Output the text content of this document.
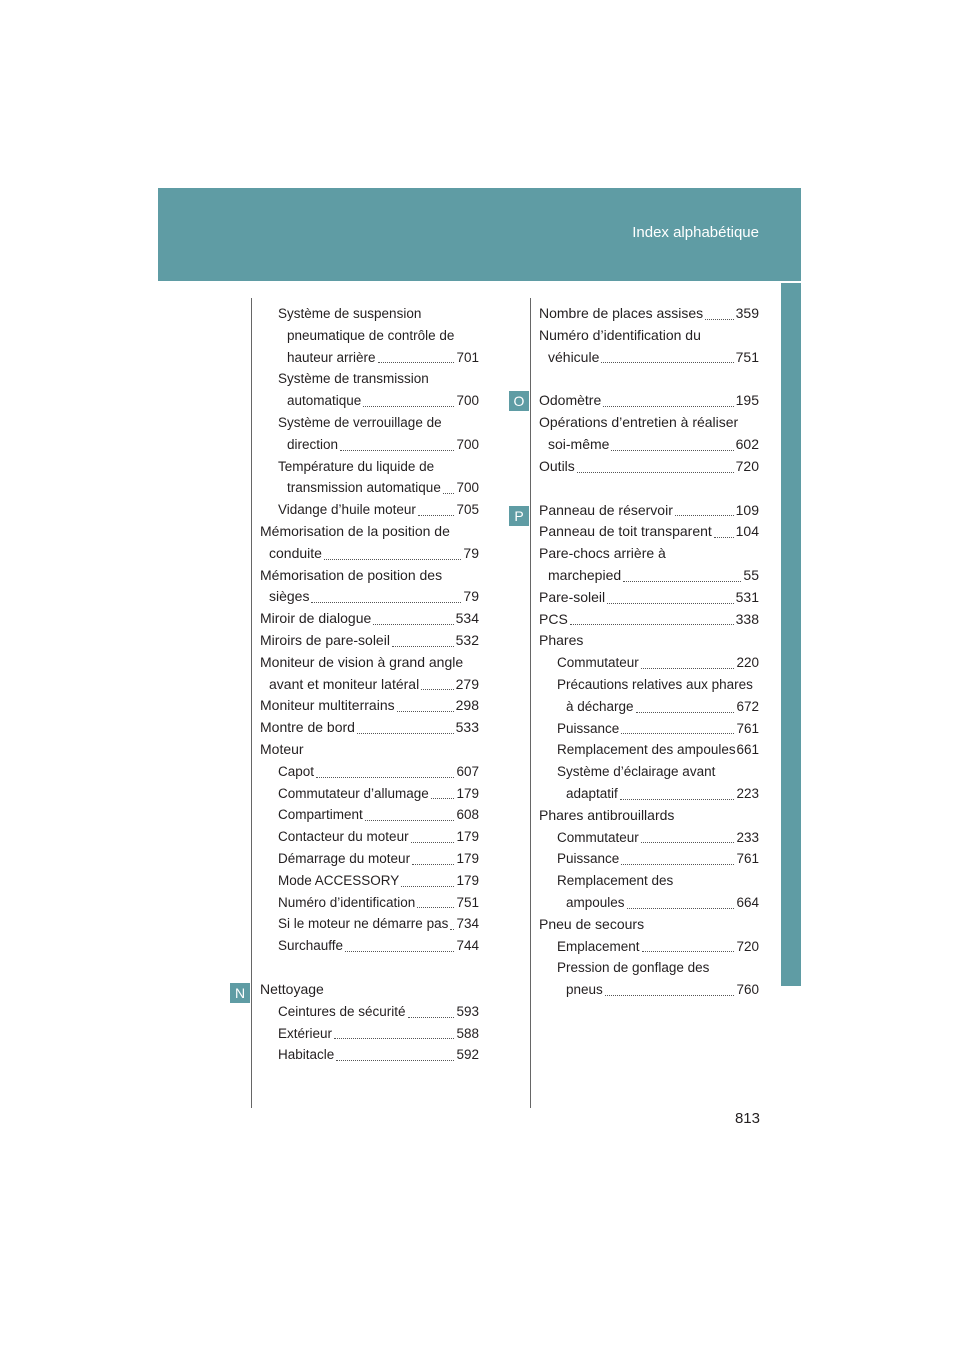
Index alphabétique
N
O
P
Système de suspension
pneumatique de contrôle de
hauteur arrière	701
Système de transmission
automatique	700
Système de verrouillage de
direction	700
Température du liquide de
transmission automatique 700
Vidange d’huile moteur	705
Mémorisation de la position de
conduite	79
Mémorisation de position des
sièges	79
Miroir de dialogue	534
Miroirs de pare-soleil	532
Moniteur de vision à grand angle
avant et moniteur latéral	279
Moniteur multiterrains	298
Montre de bord	533
Moteur
Capot	607
Commutateur d’allumage 179
Compartiment	608
Contacteur du moteur	179
Démarrage du moteur	179
Mode ACCESSORY	179
Numéro d’identification	751
Si le moteur ne démarre pas 734
Surchauffe	744
Nettoyage
Ceintures de sécurité	593
Extérieur	588
Habitacle	592
Nombre de places assises 359
Numéro d’identification du
véhicule	751
Odomètre	195
Opérations d’entretien à réaliser
soi-même	602
Outils	720
Panneau de réservoir	109
Panneau de toit transparent 104
Pare-chocs arrière à
marchepied	55
Pare-soleil	531
PCS	338
Phares
Commutateur	220
Précautions relatives aux phares
à décharge	672
Puissance	761
Remplacement des ampoules 661
Système d’éclairage avant
adaptatif	223
Phares antibrouillards
Commutateur	233
Puissance	761
Remplacement des
ampoules	664
Pneu de secours
Emplacement	720
Pression de gonflage des
pneus	760
813
